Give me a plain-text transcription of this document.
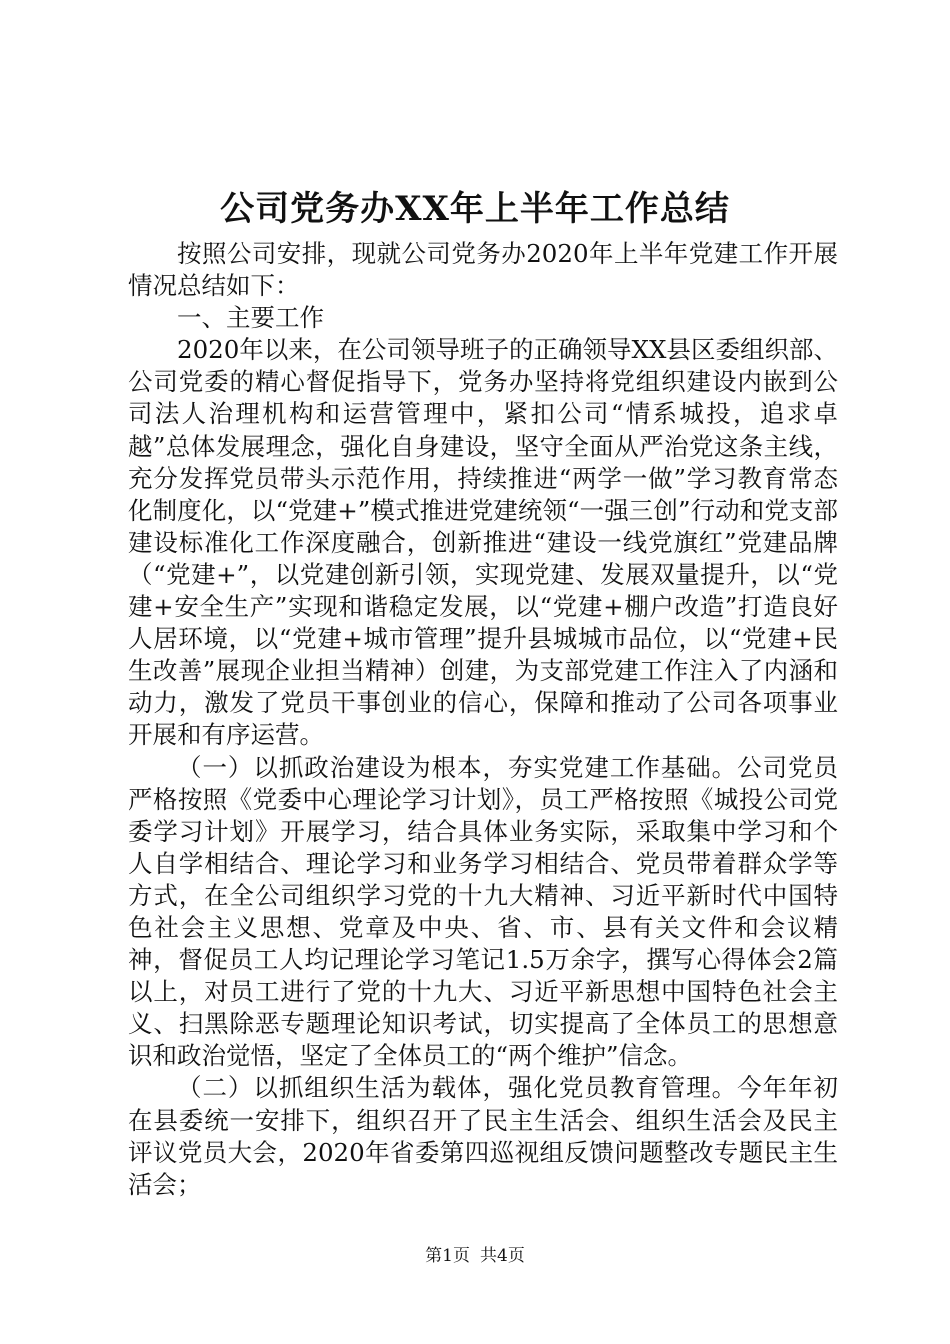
公司党务办XX年上半年工作总结

按照公司安排，现就公司党务办2020年上半年党建工作开展情况总结如下：

一、主要工作

2020年以来，在公司领导班子的正确领导XX县区委组织部、公司党委的精心督促指导下，党务办坚持将党组织建设内嵌到公司法人治理机构和运营管理中，紧扣公司“情系城投，追求卓越”总体发展理念，强化自身建设，坚守全面从严治党这条主线，充分发挥党员带头示范作用，持续推进“两学一做”学习教育常态化制度化，以“党建+”模式推进党建统领“一强三创”行动和党支部建设标准化工作深度融合，创新推进“建设一线党旗红”党建品牌（“党建+”，以党建创新引领，实现党建、发展双量提升，以“党建+安全生产”实现和谐稳定发展，以“党建+棚户改造”打造良好人居环境，以“党建+城市管理”提升县城城市品位，以“党建+民生改善”展现企业担当精神）创建，为支部党建工作注入了内涵和动力，激发了党员干事创业的信心，保障和推动了公司各项事业开展和有序运营。

（一）以抓政治建设为根本，夯实党建工作基础。公司党员严格按照《党委中心理论学习计划》，员工严格按照《城投公司党委学习计划》开展学习，结合具体业务实际，采取集中学习和个人自学相结合、理论学习和业务学习相结合、党员带着群众学等方式，在全公司组织学习党的十九大精神、习近平新时代中国特色社会主义思想、党章及中央、省、市、县有关文件和会议精神，督促员工人均记理论学习笔记1.5万余字，撰写心得体会2篇以上，对员工进行了党的十九大、习近平新思想中国特色社会主义、扫黑除恶专题理论知识考试，切实提高了全体员工的思想意识和政治觉悟，坚定了全体员工的“两个维护”信念。

（二）以抓组织生活为载体，强化党员教育管理。今年年初在县委统一安排下，组织召开了民主生活会、组织生活会及民主评议党员大会，2020年省委第四巡视组反馈问题整改专题民主生活会；

第1页 共4页
